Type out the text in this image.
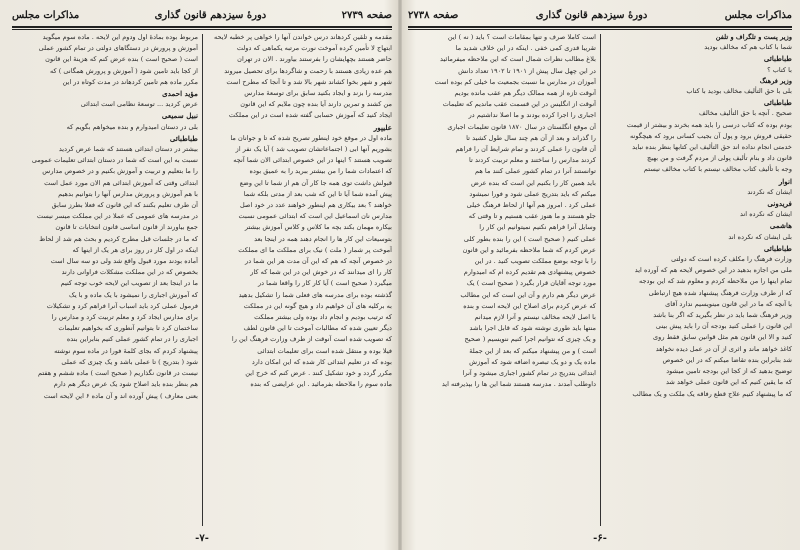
صفحه ۲۷۳۹
دورهٔ سیزدهم قانون گذاری
مذاکرات مجلس
مقدمه و تلقین کردهاند درس خواندن آنها را خواهی پر خطبه لایحه
ابتهاج لا تأمین کرده آموخت نورت مرتبه یکماهی که دولت
حاضر هستند بچهایشان را بفرستند بیاورند . الان در تهران
هم عده زیادی هستند با زحمت و شاگردها برای تحصیل میروند
شهر و شهر بخوا کشاند شهر بالا شد و تا آنجا که مطرح است
مدرسه را بزند و ایجاد بکنید سابق برای توسعهٔ مدارس
من کشند و تمرین دارند آیا بنده چون ملایم که این قانون
ایجاد کنید که آموزش حسابی گفته شده است در این مملکت
علیپور
ماده اول در موقع خود اینطور تصریح شده که تا و جوانان ما
بشوریم آنها ابی ( اجتماعاتشان تصویب شد ) آیا یک نفر از
تصویب هستند ؟ اینها در این خصوص ابتدائی الان شما آنچه
که اعتمادات شما را من بیشتر ببرید را به عمیق بوده
قبولش داشت توی همه جا کار آن هم از شما تا این وضع
پیش آمده شما آیا تا این که شب بعد از مدتی بلکه شما
خواهند ؟ بعد بیکاری هم اینطور خواهند عدد در خود اصل
مدارس نان اسماعیل این است که ابتدائی عمومی نسبت
بیکاره مهمان بکند بچه ما کلاس و کلاس آموزش بیشتر
بتوسیعات این کار ها را انجام دهند همه در اینجا بعد
آموخت پر شمار ( ملت ) نیک برای مملکت ما ای مملکت
در خصوص آنچه که هم که این آن مدت هر این شما در
کار را ای میدانند که در خوش این در این شما که کار
میگیرد ( صحیح است ) آیا کار کار را واقعا شما در
گذشته بوده برای مدرسه های فعلی شما را تشکیل بدهید
به برکلیه های آن خواهیم داد و هیچ گونه این در مملکت
که ترتیب بودیم و انجام داد بوده ولی بیشتر مملکت
دیگر تعیین شده که مطالبات آموخت تا این قانون لطف
که تصویب شده است آنوقت از طرف وزارت فرهنگ این را
فیلا بوده و منتقل شده است برای تعلیمات ابتدائی
بوده که در تعلیم ابتدائی کار شده که این امکان دارد
مکرر گردد و خود تشکیل کنند . عرض کنم که خرج این
ماده سوم را ملاحظه بفرمائید . این عرایضی که بنده
مربوط بوده بمادهٔ اول ودوم این لایحه . ماده سوم میگوید
آموزش و پرورش در دستگاهای دولتی در تمام کشور عملی
است ( صحیح است ) بنده عرض کنم که هزینهٔ این قانون
از کجا باید تامین شود ( آموزش و پرورش همگانی ) که
مکرر ماده هم تامین کردهاند در مدت کوتاه در این
مؤید احمدی
عرض کردید ... توسعهٔ نظامی است ابتدائی
نبیل سمیعی
بلی در دستان امیدوارم و بنده میخواهم بگویم که
طباطبائی
بیشتر در دستان ابتدائی هستند که شما عرض کردید
نسبت به این است که شما در دستان ابتدائی تعلیمات عمومی
را ما بتعلیم و تربیت و آموزش بکنیم و در خصوص مدارس
ابتدائی وقتی که آموزش ابتدائی هم الان مورد عمل است
با هم آموزش و پرورش مدارس آنها را بتوانیم بدهیم
آن طرف تعلیم بکنند که این قانون که فعلا بطرز سابق
در مدرسه های عمومی که عملا در این مملکت میسر نیست
جمع بیاورند از قانون اساسی قانون انتخابات تا قانون
که ما در جلسات قبل مطرح کردیم و بحث هم شد از لحاظ
اینکه در اول کار در روز برای هر یک از اینها که
آماده بودند مورد قبول واقع شد ولی دو سه سال است
بخصوص که در این مملکت مشکلات فراوانی دارند
ما در اینجا بعد از تصویب این لایحه خوب توجه کنیم
که آموزش اجباری را نمیشود با یک ماده و با یک
فرمول عملی کرد باید اسباب آنرا فراهم کرد و تشکیلات
برای مدارس ایجاد کرد و معلم تربیت کرد و مدارس را
ساختمان کرد تا بتوانیم آنطوری که بخواهیم تعلیمات
اجباری را در تمام کشور عملی کنیم بنابراین بنده
پیشنهاد کردم که بجای کلمهٔ فورا در ماده سوم نوشته
شود ( بتدریج ) تا عملی باشد و یک چیزی که عملی
نیست در قانون نگذاریم ( صحیح است ) ماده ششم و هفتم
هم بنظر بنده باید اصلاح شود یک عرض دیگر هم دارم
بعنی معارف ) پیش آورده اند و آن ماده ۶ این لایحه است
-۷-
مذاکرات مجلس
دورهٔ سیزدهم قانون گذاری
صفحه ۲۷۳۸
وزیر پست و تلگراف و تلفن
شما با کتاب هم که مخالف بودید
طباطبائی
با کتاب ؟
وزیر فرهنگ
بلی با حق التألیف مخالف بودید با کتاب
طباطبائی
صحیح . آنچه با حق التألیف مخالف
بودم بوده که کتاب درسی را باید همه بخرند و بیشتر از قیمت
حقیقی فروش برود و پول آن بجیب کسانی برود که هیچگونه
خدمتی انجام نداده اند حق التألیف این کتابها بنظر بنده نباید
قانون داد و بنام تألیف پولی از مردم گرفت و من بهیچ
وجه با تألیف کتاب مخالف نیستم با کتاب مخالف نیستم
انوار
ایشان که نکردند
فریدونی
ایشان که نکرده اند
هاشمی
بلی ایشان که نکرده اند
طباطبائی
وزارت فرهنگ را مکلف کرده است که دولتی
ملی من اجازه بدهید در این خصوص لایحه هم که آورده اید
تمام اینها را من ملاحظه کردم و معلوم شد که این بودجه
که از طرف وزارت فرهنگ پیشنهاد شده هیچ ارتباطی
با آنچه که ما در این قانون مینویسیم ندارد آقای
وزیر فرهنگ شما باید در نظر بگیرید که اگر بنا باشد
این قانون را عملی کنید بودجه آن را باید پیش بینی
کنید و الا این قانون هم مثل قوانین سابق فقط روی
کاغذ خواهد ماند و اثری از آن در عمل دیده نخواهد
شد بنابراین بنده تقاضا میکنم که در این خصوص
توضیح بدهید که از کجا این بودجه تامین میشود
که ما یقین کنیم که این قانون عملی خواهد شد
که ما پیشنهاد کنیم علاج قطع رفاقه یک ملکت و یک مطالب
است کاملا صرف و تنها بمقامات است ؟ باید ( نه ) این
تقریبا قدری کمی خفی . اینکه در این خلاف شدید ما
بلاغ مطالب نظرات شمال است که این ملاحظه میفرمائید
در این چهل سال پیش از ۱۹۰۱ تا ۱۹۰۲ تعداد دانش
آموزان در مدارس ما نسبت بجمعیت ما خیلی کم بوده است
آنوقت تازه از همه ممالک دیگر هم عقب مانده بودیم
آنوقت از انگلیس در این قسمت عقب ماندیم که تعلیمات
اجباری را اجرا کرده بودند و ما اصلا نداشتیم در
آن موقع انگلستان در سال ۱۸۷۰ قانون تعلیمات اجباری
را گذراند و بعد از آن هم چند سال طول کشید تا
آن قانون را عملی کردند و تمام شرایط آن را فراهم
کردند مدارس را ساختند و معلم تربیت کردند تا
توانستند آنرا در تمام کشور عملی کنند ما هم
باید همین کار را بکنیم این است که بنده عرض
میکنم که باید بتدریج عملی شود و فورا نمیشود
عملی کرد . امروز هم آنها از لحاظ فرهنگ خیلی
جلو هستند و ما هنوز عقب هستیم و تا وقتی که
وسایل آنرا فراهم نکنیم نمیتوانیم این کار را
عملی کنیم ( صحیح است ) این را بنده بطور کلی
عرض کردم که شما ملاحظه بفرمائید و این قانون
را با توجه بوضع مملکت تصویب کنید . در این
خصوص پیشنهادی هم تقدیم کرده ام که امیدوارم
مورد توجه آقایان قرار بگیرد ( صحیح است ) یک
عرض دیگر هم دارم و آن این است که این مطالب
که عرض کردم برای اصلاح این لایحه است و بنده
با اصل لایحه مخالف نیستم و آنرا لازم میدانم
منتها باید طوری نوشته شود که قابل اجرا باشد
و یک چیزی که نتوانیم اجرا کنیم ننویسیم ( صحیح
است ) و من پیشنهاد میکنم که بعد از این جملهٔ
ماده یک و دو یک تبصره اضافه شود که آموزش
ابتدائی بتدریج در تمام کشور اجباری میشود و آنرا
داوطلب آمدند . مدرسه هستند شما این ها را بپذیرفته اید
-۶-
